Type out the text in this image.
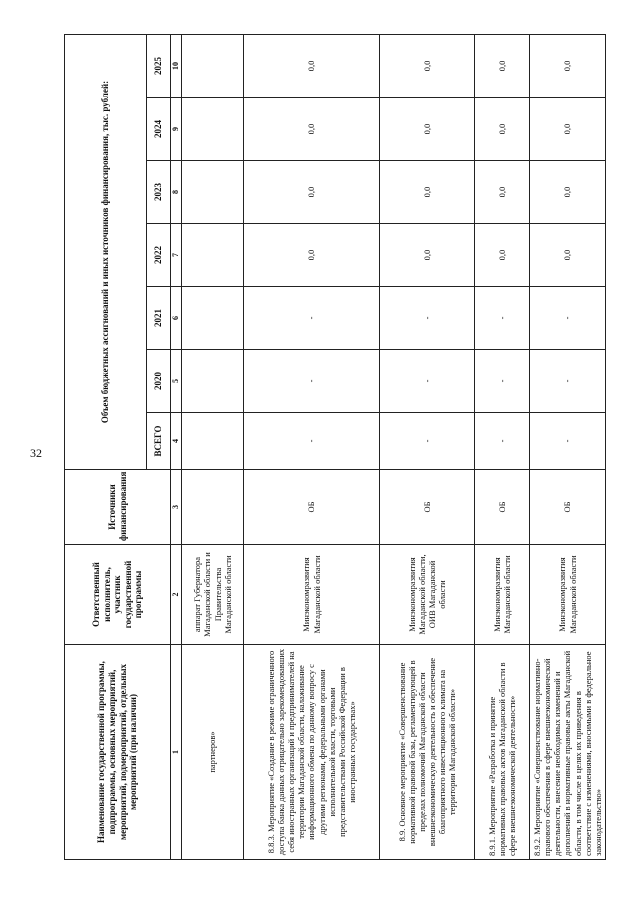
32
Наименование государственной программы, подпрограммы, основных мероприятий, мероприятий, подмероприятий, отдельных мероприятий (при наличии)	Ответственный исполнитель, участник государственной программы	Источники финансирования	Объем бюджетных ассигнований и иных источников финансирования, тыс. рублей:						
			ВСЕГО	2020	2021	2022	2023	2024	2025
1	2	3	4	5	6	7	8	9	10
партнеров»	аппарат Губернатора Магаданской области и Правительства Магаданской области								
8.8.3. Мероприятие «Создание в режиме ограниченного доступа банка данных отрицательно зарекомендовавших себя иностранных организаций и предпринимателей на территории Магаданской области, налаживание информационного обмена по данному вопросу с другими регионами, федеральными органами исполнительной власти, торговыми представительствами Российской Федерации в иностранных государствах»	Минэкономразвития Магаданской области	ОБ	-	-	-	0,0	0,0	0,0	0,0
8.9. Основное мероприятие «Совершенствование нормативной правовой базы, регламентирующей в пределах полномочий Магаданской области внешнеэкономическую деятельность и обеспечение благоприятного инвестиционного климата на территории Магаданской области»	Минэкономразвития Магаданской области, ОИВ Магаданской области	ОБ	-	-	-	0,0	0,0	0,0	0,0
8.9.1. Мероприятие «Разработка и принятие нормативных правовых актов Магаданской области в сфере внешнеэкономической деятельности»	Минэкономразвития Магаданской области	ОБ	-	-	-	0,0	0,0	0,0	0,0
8.9.2. Мероприятие «Совершенствование нормативно-правового обеспечения в сфере внешнеэкономической деятельности, внесение необходимых изменений и дополнений в нормативные правовые акты Магаданской области, в том числе в целях их приведения в соответствие с изменениями, вносимыми в федеральное законодательство»	Минэкономразвития Магаданской области	ОБ	-	-	-	0,0	0,0	0,0	0,0
